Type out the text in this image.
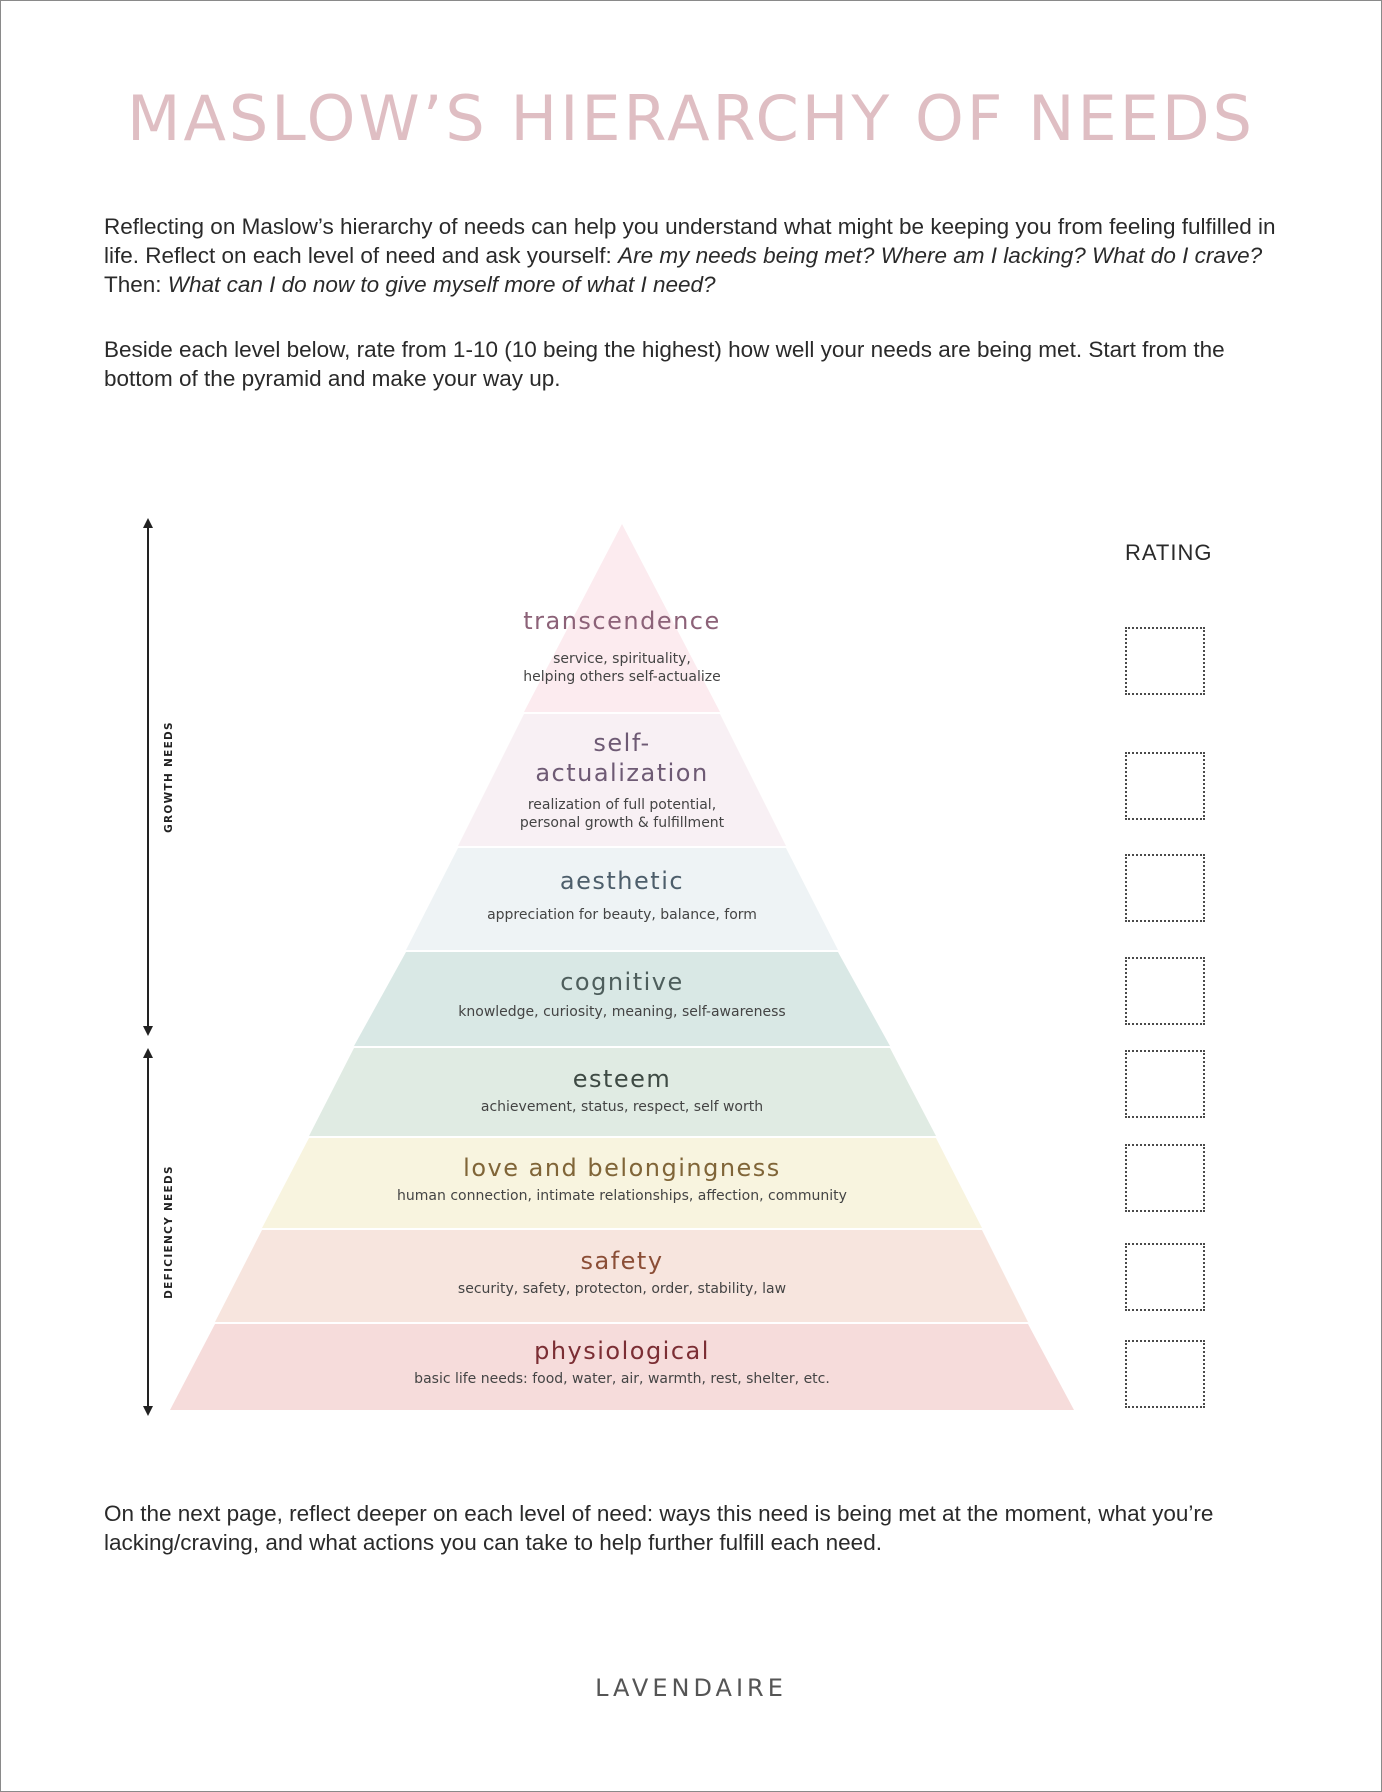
MASLOW’S HIERARCHY OF NEEDS

Reflecting on Maslow’s hierarchy of needs can help you understand what might be keeping you from feeling fulfilled in life. Reflect on each level of need and ask yourself: Are my needs being met? Where am I lacking? What do I crave? Then: What can I do now to give myself more of what I need?

Beside each level below, rate from 1-10 (10 being the highest) how well your needs are being met. Start from the bottom of the pyramid and make your way up.

GROWTH NEEDS
DEFICIENCY NEEDS
transcendence
service, spirituality,
helping others self-actualize
self-
actualization
realization of full potential,
personal growth & fulfillment
aesthetic
appreciation for beauty, balance, form
cognitive
knowledge, curiosity, meaning, self-awareness
esteem
achievement, status, respect, self worth
love and belongingness
human connection, intimate relationships, affection, community
safety
security, safety, protecton, order, stability, law
physiological
basic life needs: food, water, air, warmth, rest, shelter, etc.
RATING

On the next page, reflect deeper on each level of need: ways this need is being met at the moment, what you’re lacking/craving, and what actions you can take to help further fulfill each need.

LAVENDAIRE
